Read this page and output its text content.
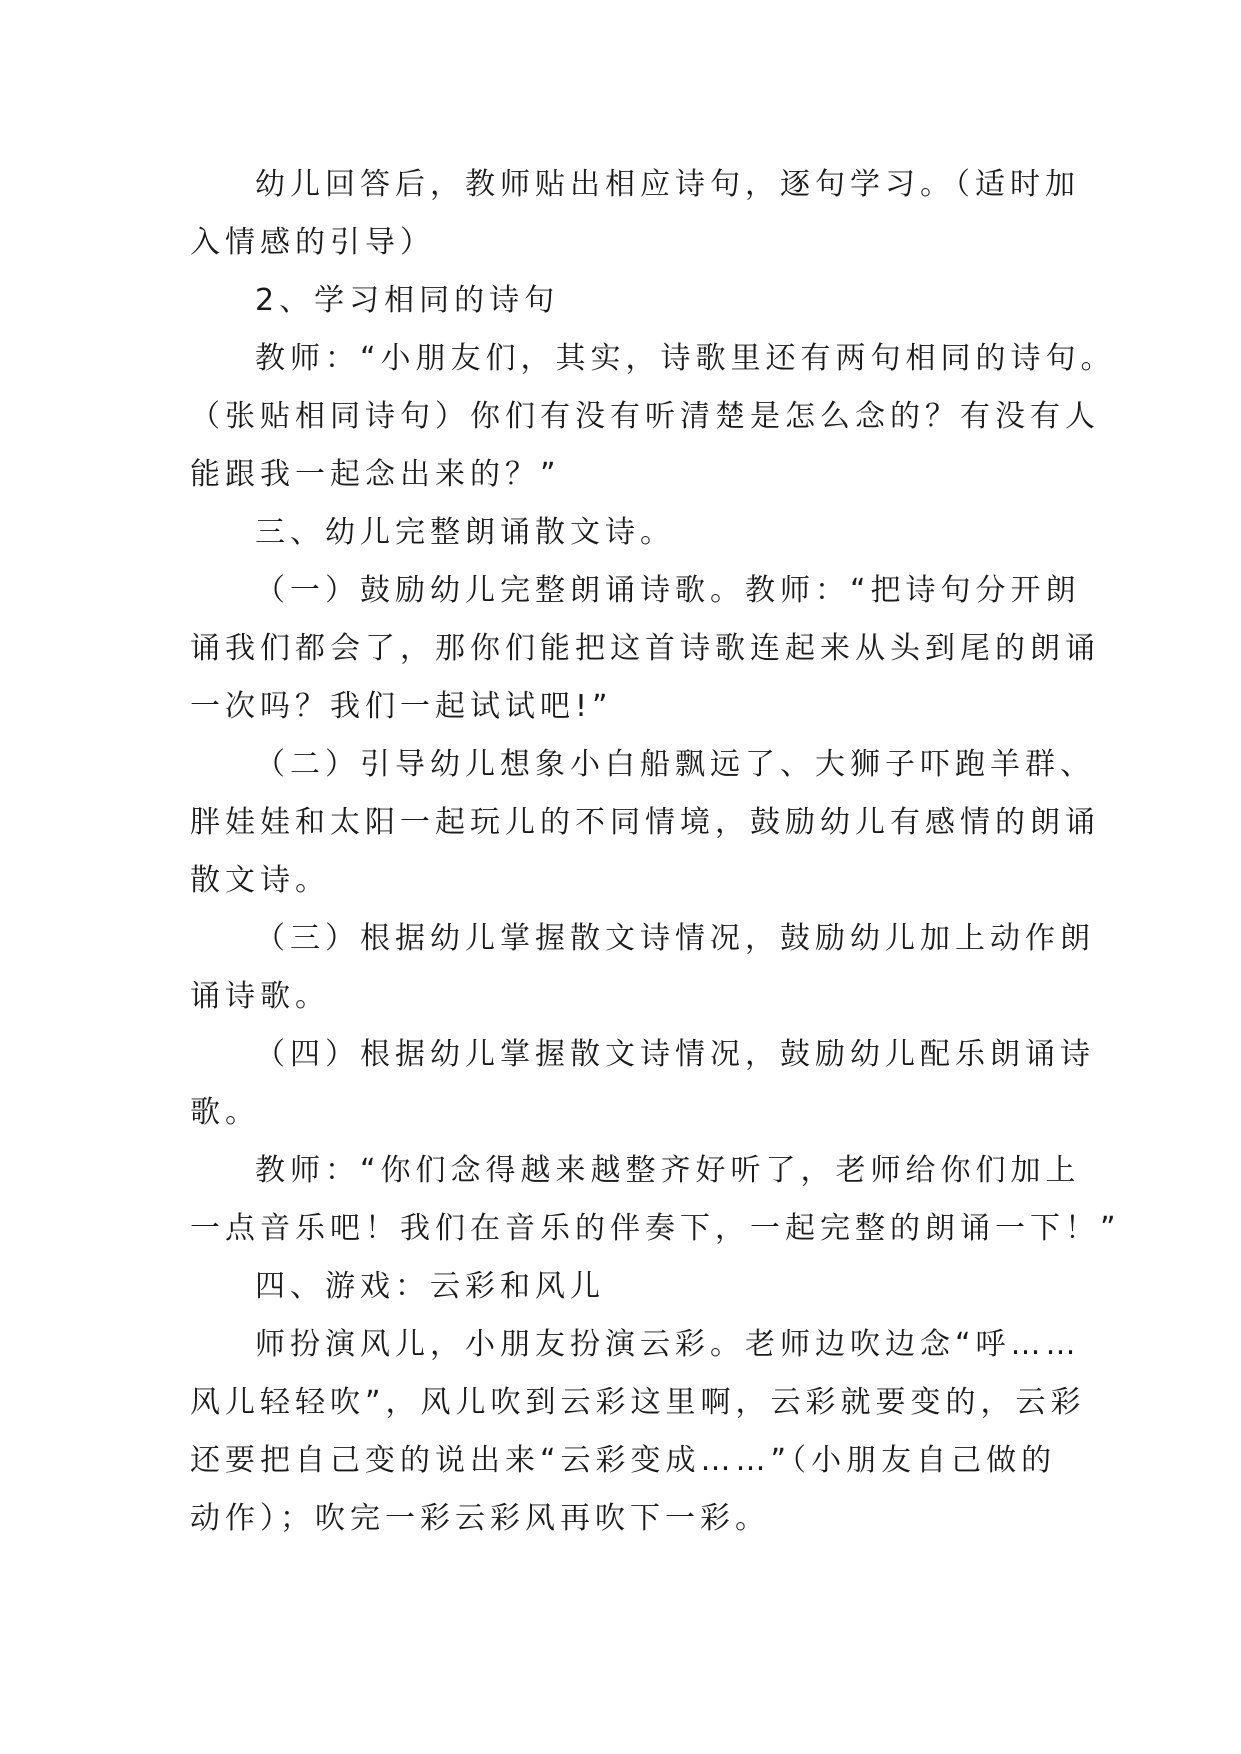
幼儿回答后，教师贴出相应诗句，逐句学习。（适时加
入情感的引导）
2、学习相同的诗句
教师：“小朋友们，其实，诗歌里还有两句相同的诗句。
（张贴相同诗句）你们有没有听清楚是怎么念的？有没有人
能跟我一起念出来的？”
三、幼儿完整朗诵散文诗。
（一）鼓励幼儿完整朗诵诗歌。教师：“把诗句分开朗
诵我们都会了，那你们能把这首诗歌连起来从头到尾的朗诵
一次吗？我们一起试试吧!”
（二）引导幼儿想象小白船飘远了、大狮子吓跑羊群、
胖娃娃和太阳一起玩儿的不同情境，鼓励幼儿有感情的朗诵
散文诗。
（三）根据幼儿掌握散文诗情况，鼓励幼儿加上动作朗
诵诗歌。
（四）根据幼儿掌握散文诗情况，鼓励幼儿配乐朗诵诗
歌。
教师：“你们念得越来越整齐好听了，老师给你们加上
一点音乐吧！我们在音乐的伴奏下，一起完整的朗诵一下！”
四、游戏：云彩和风儿
师扮演风儿，小朋友扮演云彩。老师边吹边念“呼……
风儿轻轻吹”，风儿吹到云彩这里啊，云彩就要变的，云彩
还要把自己变的说出来“云彩变成……”（小朋友自己做的
动作）；吹完一彩云彩风再吹下一彩。
